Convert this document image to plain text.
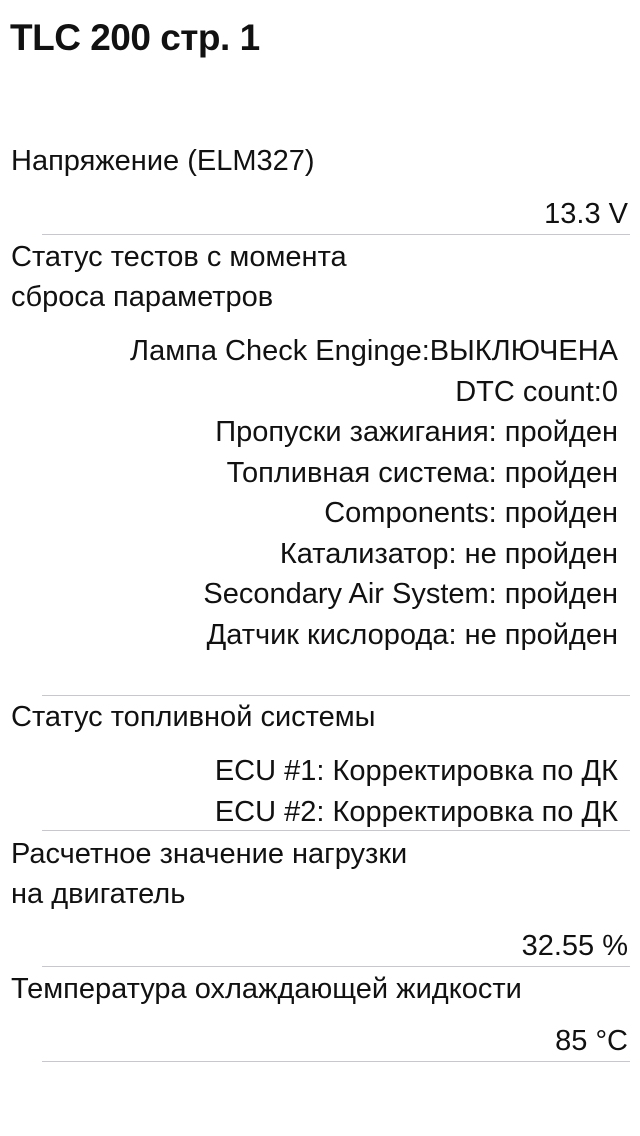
TLC 200 стр. 1
Напряжение (ELM327)
13.3 V
Статус тестов с момента
сброса параметров
Лампа Check Enginge:ВЫКЛЮЧЕНА
DTC count:0
Пропуски зажигания: пройден
Топливная система: пройден
Components: пройден
Катализатор: не пройден
Secondary Air System: пройден
Датчик кислорода: не пройден
Статус топливной системы
ECU #1: Корректировка по ДК
ECU #2: Корректировка по ДК
Расчетное значение нагрузки
на двигатель
32.55 %
Температура охлаждающей жидкости
85 °C
